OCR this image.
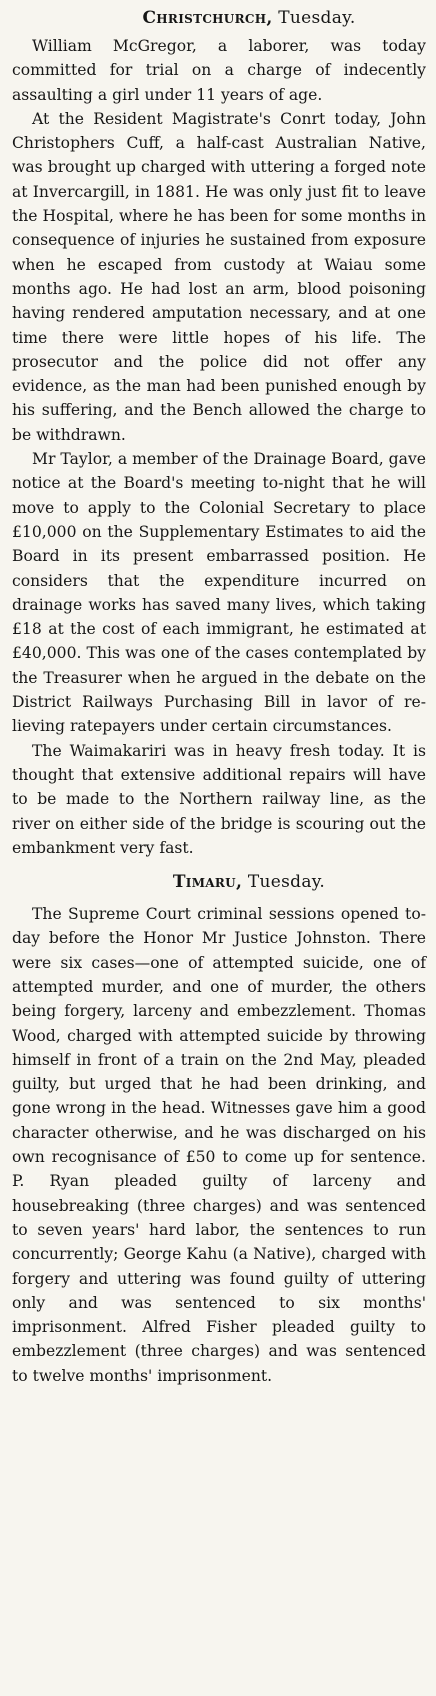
Christchurch, Tuesday.

William McGregor, a laborer, was today committed for trial on a charge of indecently assaulting a girl under 11 years of age.

At the Resident Magistrate's Conrt today, John Christophers Cuff, a half-cast Australian Native, was brought up charged with uttering a forged note at Invercargill, in 1881. He was only just fit to leave the Hospital, where he has been for some months in consequence of injuries he sustained from exposure when he escaped from custody at Waiau some months ago. He had lost an arm, blood poisoning having rendered amputation necessary, and at one time there were little hopes of his life. The prosecutor and the police did not offer any evidence, as the man had been punished enough by his suffering, and the Bench allowed the charge to be withdrawn.

Mr Taylor, a member of the Drainage Board, gave notice at the Board's meeting to-night that he will move to apply to the Colonial Secretary to place £10,000 on the Supplementary Estimates to aid the Board in its present embarrassed position. He considers that the expenditure incurred on drainage works has saved many lives, which taking £18 at the cost of each immigrant, he estimated at £40,000. This was one of the cases contemplated by the Treasurer when he argued in the debate on the District Railways Purchasing Bill in lavor of relieving ratepayers under certain circumstances.

The Waimakariri was in heavy fresh today. It is thought that extensive additional repairs will have to be made to the Northern railway line, as the river on either side of the bridge is scouring out the embankment very fast.

Timaru, Tuesday.

The Supreme Court criminal sessions opened to-day before the Honor Mr Justice Johnston. There were six cases—one of attempted suicide, one of attempted murder, and one of murder, the others being forgery, larceny and embezzlement. Thomas Wood, charged with attempted suicide by throwing himself in front of a train on the 2nd May, pleaded guilty, but urged that he had been drinking, and gone wrong in the head. Witnesses gave him a good character otherwise, and he was discharged on his own recognisance of £50 to come up for sentence. P. Ryan pleaded guilty of larceny and housebreaking (three charges) and was sentenced to seven years' hard labor, the sentences to run concurrently; George Kahu (a Native), charged with forgery and uttering was found guilty of uttering only and was sentenced to six months' imprisonment. Alfred Fisher pleaded guilty to embezzlement (three charges) and was sentenced to twelve months' imprisonment.
